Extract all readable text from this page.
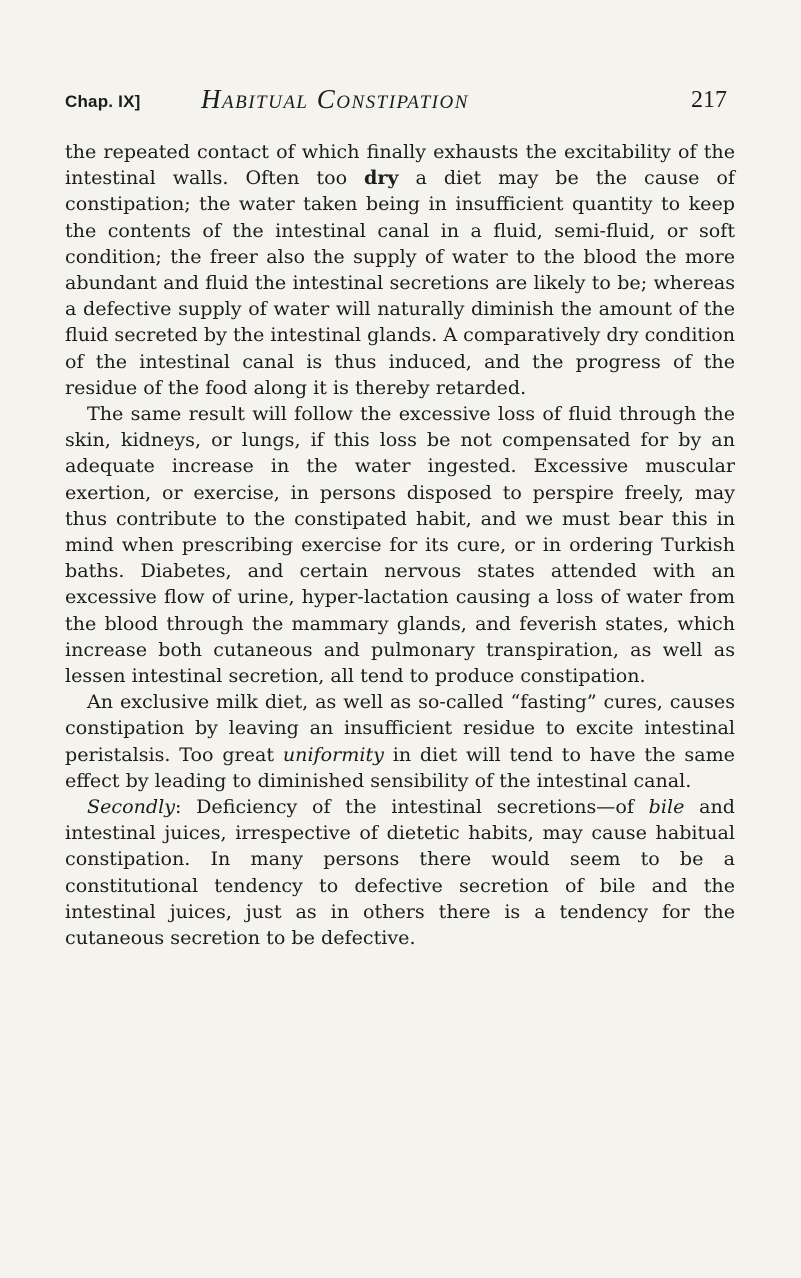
Chap. IX] Habitual Constipation	217

the repeated contact of which finally exhausts the excitability of the intestinal walls. Often too dry a diet may be the cause of constipation; the water taken being in insufficient quantity to keep the contents of the intestinal canal in a fluid, semi-fluid, or soft condition; the freer also the supply of water to the blood the more abundant and fluid the intestinal secretions are likely to be; whereas a defective supply of water will naturally diminish the amount of the fluid secreted by the intestinal glands. A comparatively dry condition of the intestinal canal is thus induced, and the progress of the residue of the food along it is thereby retarded.

The same result will follow the excessive loss of fluid through the skin, kidneys, or lungs, if this loss be not compensated for by an adequate increase in the water ingested. Excessive muscular exertion, or exercise, in persons disposed to perspire freely, may thus contribute to the constipated habit, and we must bear this in mind when prescribing exercise for its cure, or in ordering Turkish baths. Diabetes, and certain nervous states attended with an excessive flow of urine, hyper-lactation causing a loss of water from the blood through the mammary glands, and feverish states, which increase both cutaneous and pulmonary transpiration, as well as lessen intestinal secretion, all tend to produce constipation.

An exclusive milk diet, as well as so-called “fasting” cures, causes constipation by leaving an insufficient residue to excite intestinal peristalsis. Too great uniformity in diet will tend to have the same effect by leading to diminished sensibility of the intestinal canal.

Secondly: Deficiency of the intestinal secretions—of bile and intestinal juices, irrespective of dietetic habits, may cause habitual constipation. In many persons there would seem to be a constitutional tendency to defective secretion of bile and the intestinal juices, just as in others there is a tendency for the cutaneous secretion to be defective.
